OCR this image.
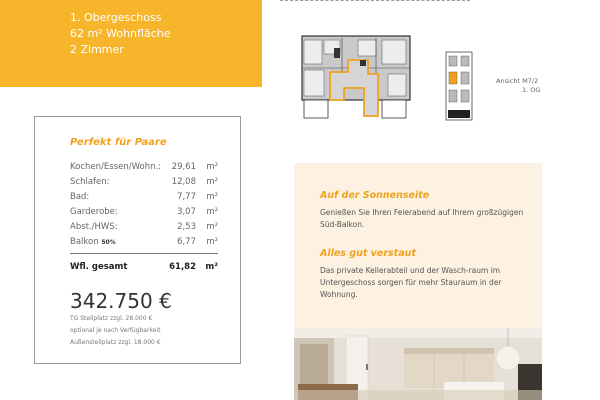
1. Obergeschoss
62 m² Wohnfläche
2 Zimmer
Ansicht M7/2
1. OG
Perfekt für Paare
Kochen/Essen/Wohn.: 29,61 m²
Schlafen:	12,08 m²
Bad:	7,77 m²
Garderobe:	3,07 m²
Abst./HWS:	2,53 m²
Balkon 50%	6,77 m²
Wfl. gesamt	61,82 m²
342.750 €
TG Stellplatz zzgl. 28.000 €
optional je nach Verfügbarkeit
Außenstellplatz zzgl. 18.000 €
Auf der Sonnenseite
Genießen Sie Ihren Feierabend auf Ihrem großzügigen Süd-Balkon.
Alles gut verstaut
Das private Kellerabteil und der Wasch-raum im Untergeschoss sorgen für mehr Stauraum in der Wohnung.
